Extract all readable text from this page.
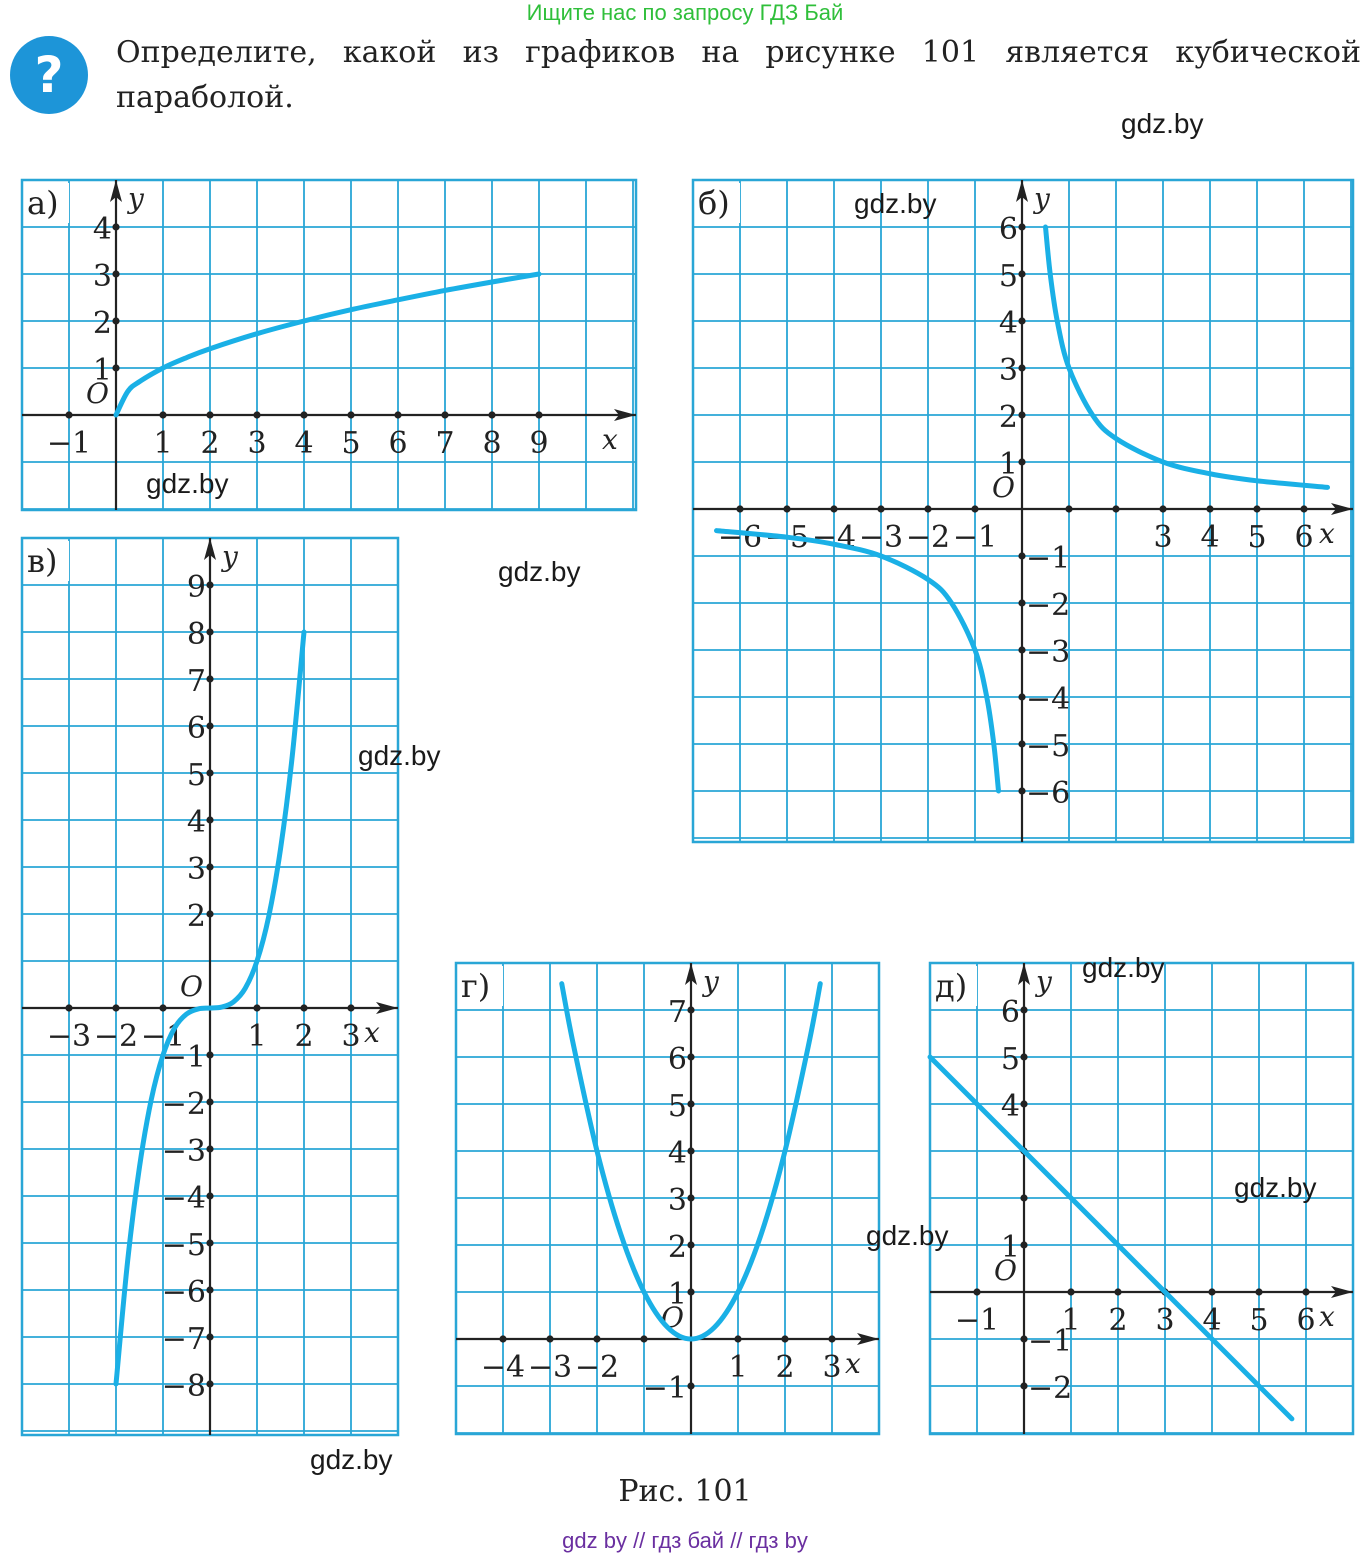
Ищите нас по запросу ГДЗ Бай
?	Определите, какой из графиков на рисунке 101 является кубической параболой.
x
y
O
−1 1 2 3 4 5 6 7 8 9
1
2
3
4
а)
x
y
O
−6 −5 −4 −3 −2 −1	3 4 5 6
−6
−5
−4
−3
−2
−1
1
2
3
4
5
6
б)
x
y
O
−3 −2 −1 1 2 3
−8
−7
−6
−5
−4
−3
−2
−1
2
3
4
5
6
7
8
9
в)
x
y
O
−4 −3 −2	1 2 3
−1
1
2
3
4
5
6
7
г)
x
y
O
−1 1 2 3 4 5 6
−2
−1
1
4
5
6
д)
gdz.by
gdz.by
gdz.by
gdz.by
gdz.by
gdz.by
gdz.by
gdz.by
gdz.by
Рис. 101
gdz by // гдз бай // гдз by
